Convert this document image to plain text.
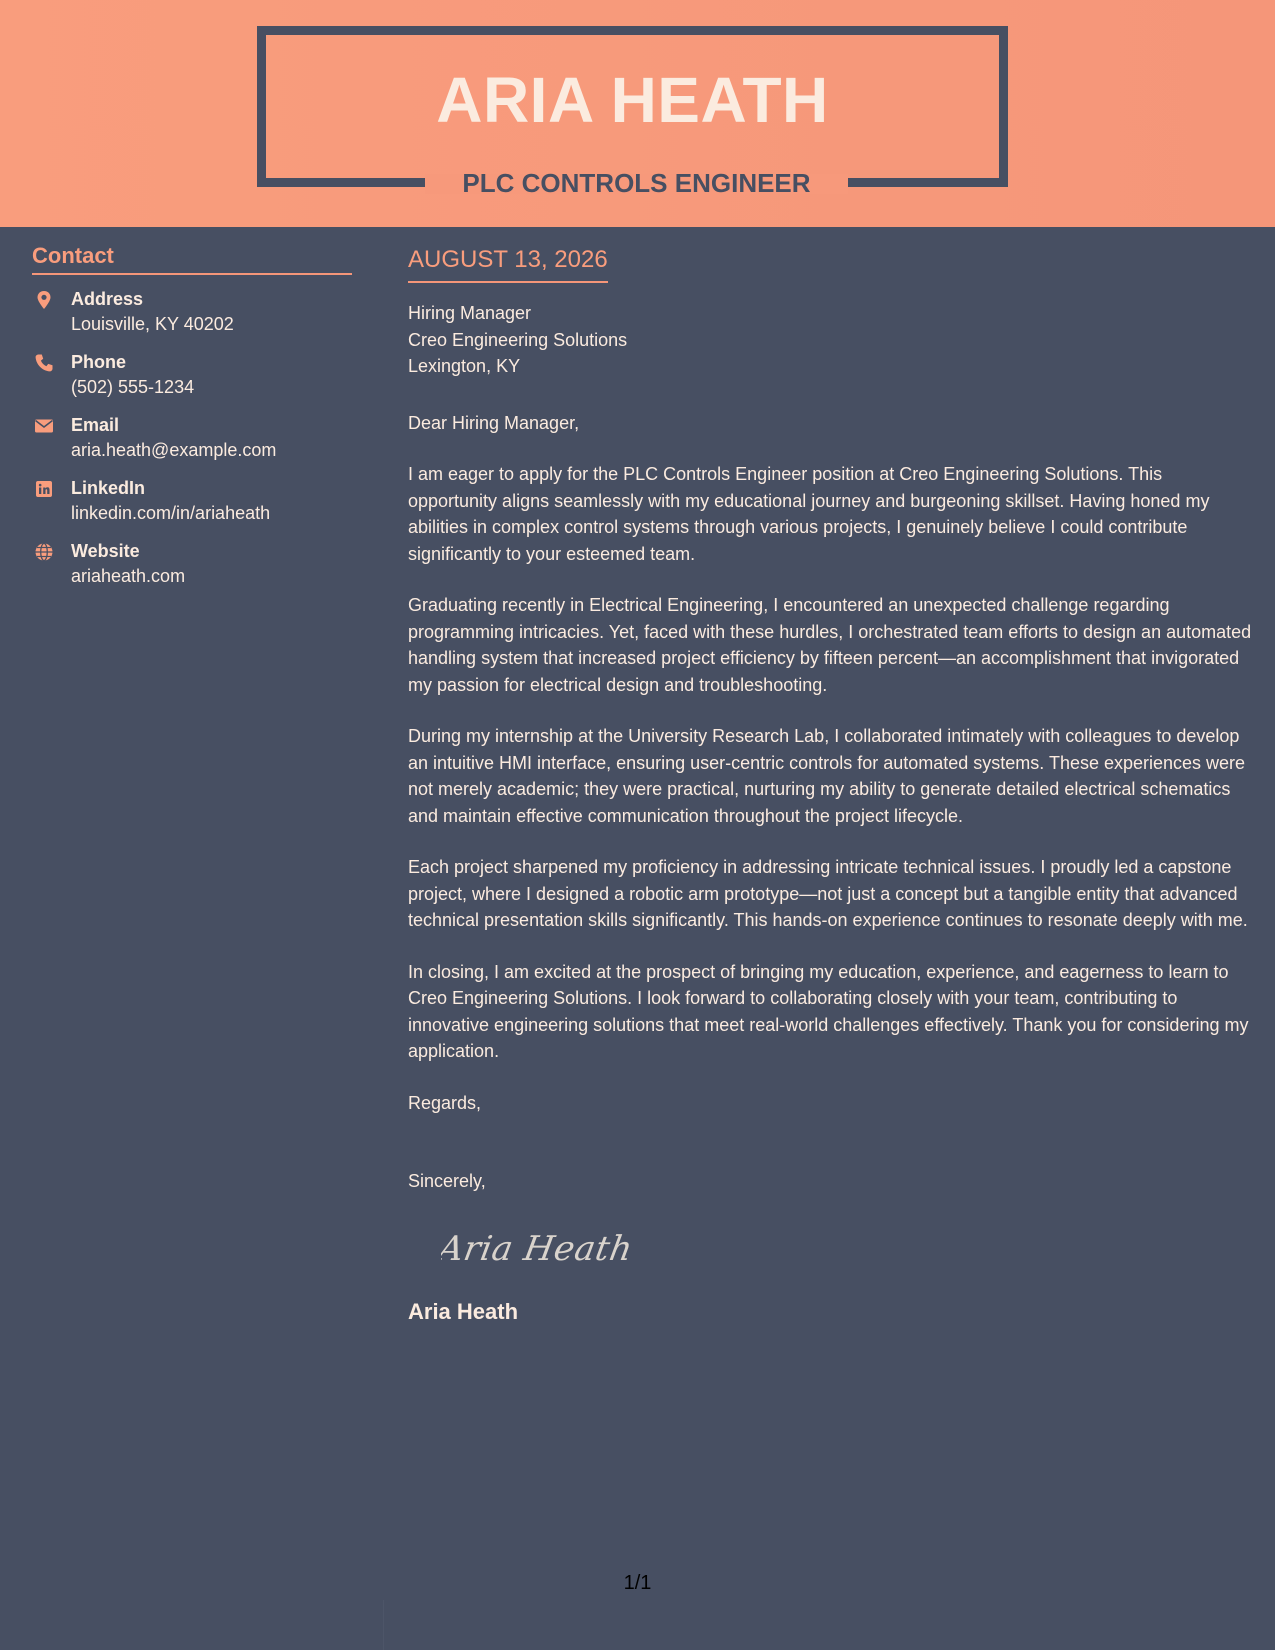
ARIA HEATH
PLC CONTROLS ENGINEER
Contact
Address
Louisville, KY 40202
Phone
(502) 555-1234
Email
aria.heath@example.com
LinkedIn
linkedin.com/in/ariaheath
Website
ariaheath.com
AUGUST 13, 2026
Hiring Manager
Creo Engineering Solutions
Lexington, KY
Dear Hiring Manager,

I am eager to apply for the PLC Controls Engineer position at Creo Engineering Solutions. This opportunity aligns seamlessly with my educational journey and burgeoning skillset. Having honed my abilities in complex control systems through various projects, I genuinely believe I could contribute significantly to your esteemed team.

Graduating recently in Electrical Engineering, I encountered an unexpected challenge regarding programming intricacies. Yet, faced with these hurdles, I orchestrated team efforts to design an automated handling system that increased project efficiency by fifteen percent—an accomplishment that invigorated my passion for electrical design and troubleshooting.

During my internship at the University Research Lab, I collaborated intimately with colleagues to develop an intuitive HMI interface, ensuring user-centric controls for automated systems. These experiences were not merely academic; they were practical, nurturing my ability to generate detailed electrical schematics and maintain effective communication throughout the project lifecycle.

Each project sharpened my proficiency in addressing intricate technical issues. I proudly led a capstone project, where I designed a robotic arm prototype—not just a concept but a tangible entity that advanced technical presentation skills significantly. This hands-on experience continues to resonate deeply with me.

In closing, I am excited at the prospect of bringing my education, experience, and eagerness to learn to Creo Engineering Solutions. I look forward to collaborating closely with your team, contributing to innovative engineering solutions that meet real-world challenges effectively. Thank you for considering my application.

Regards,
Sincerely,
Aria Heath
Aria Heath
1/1
